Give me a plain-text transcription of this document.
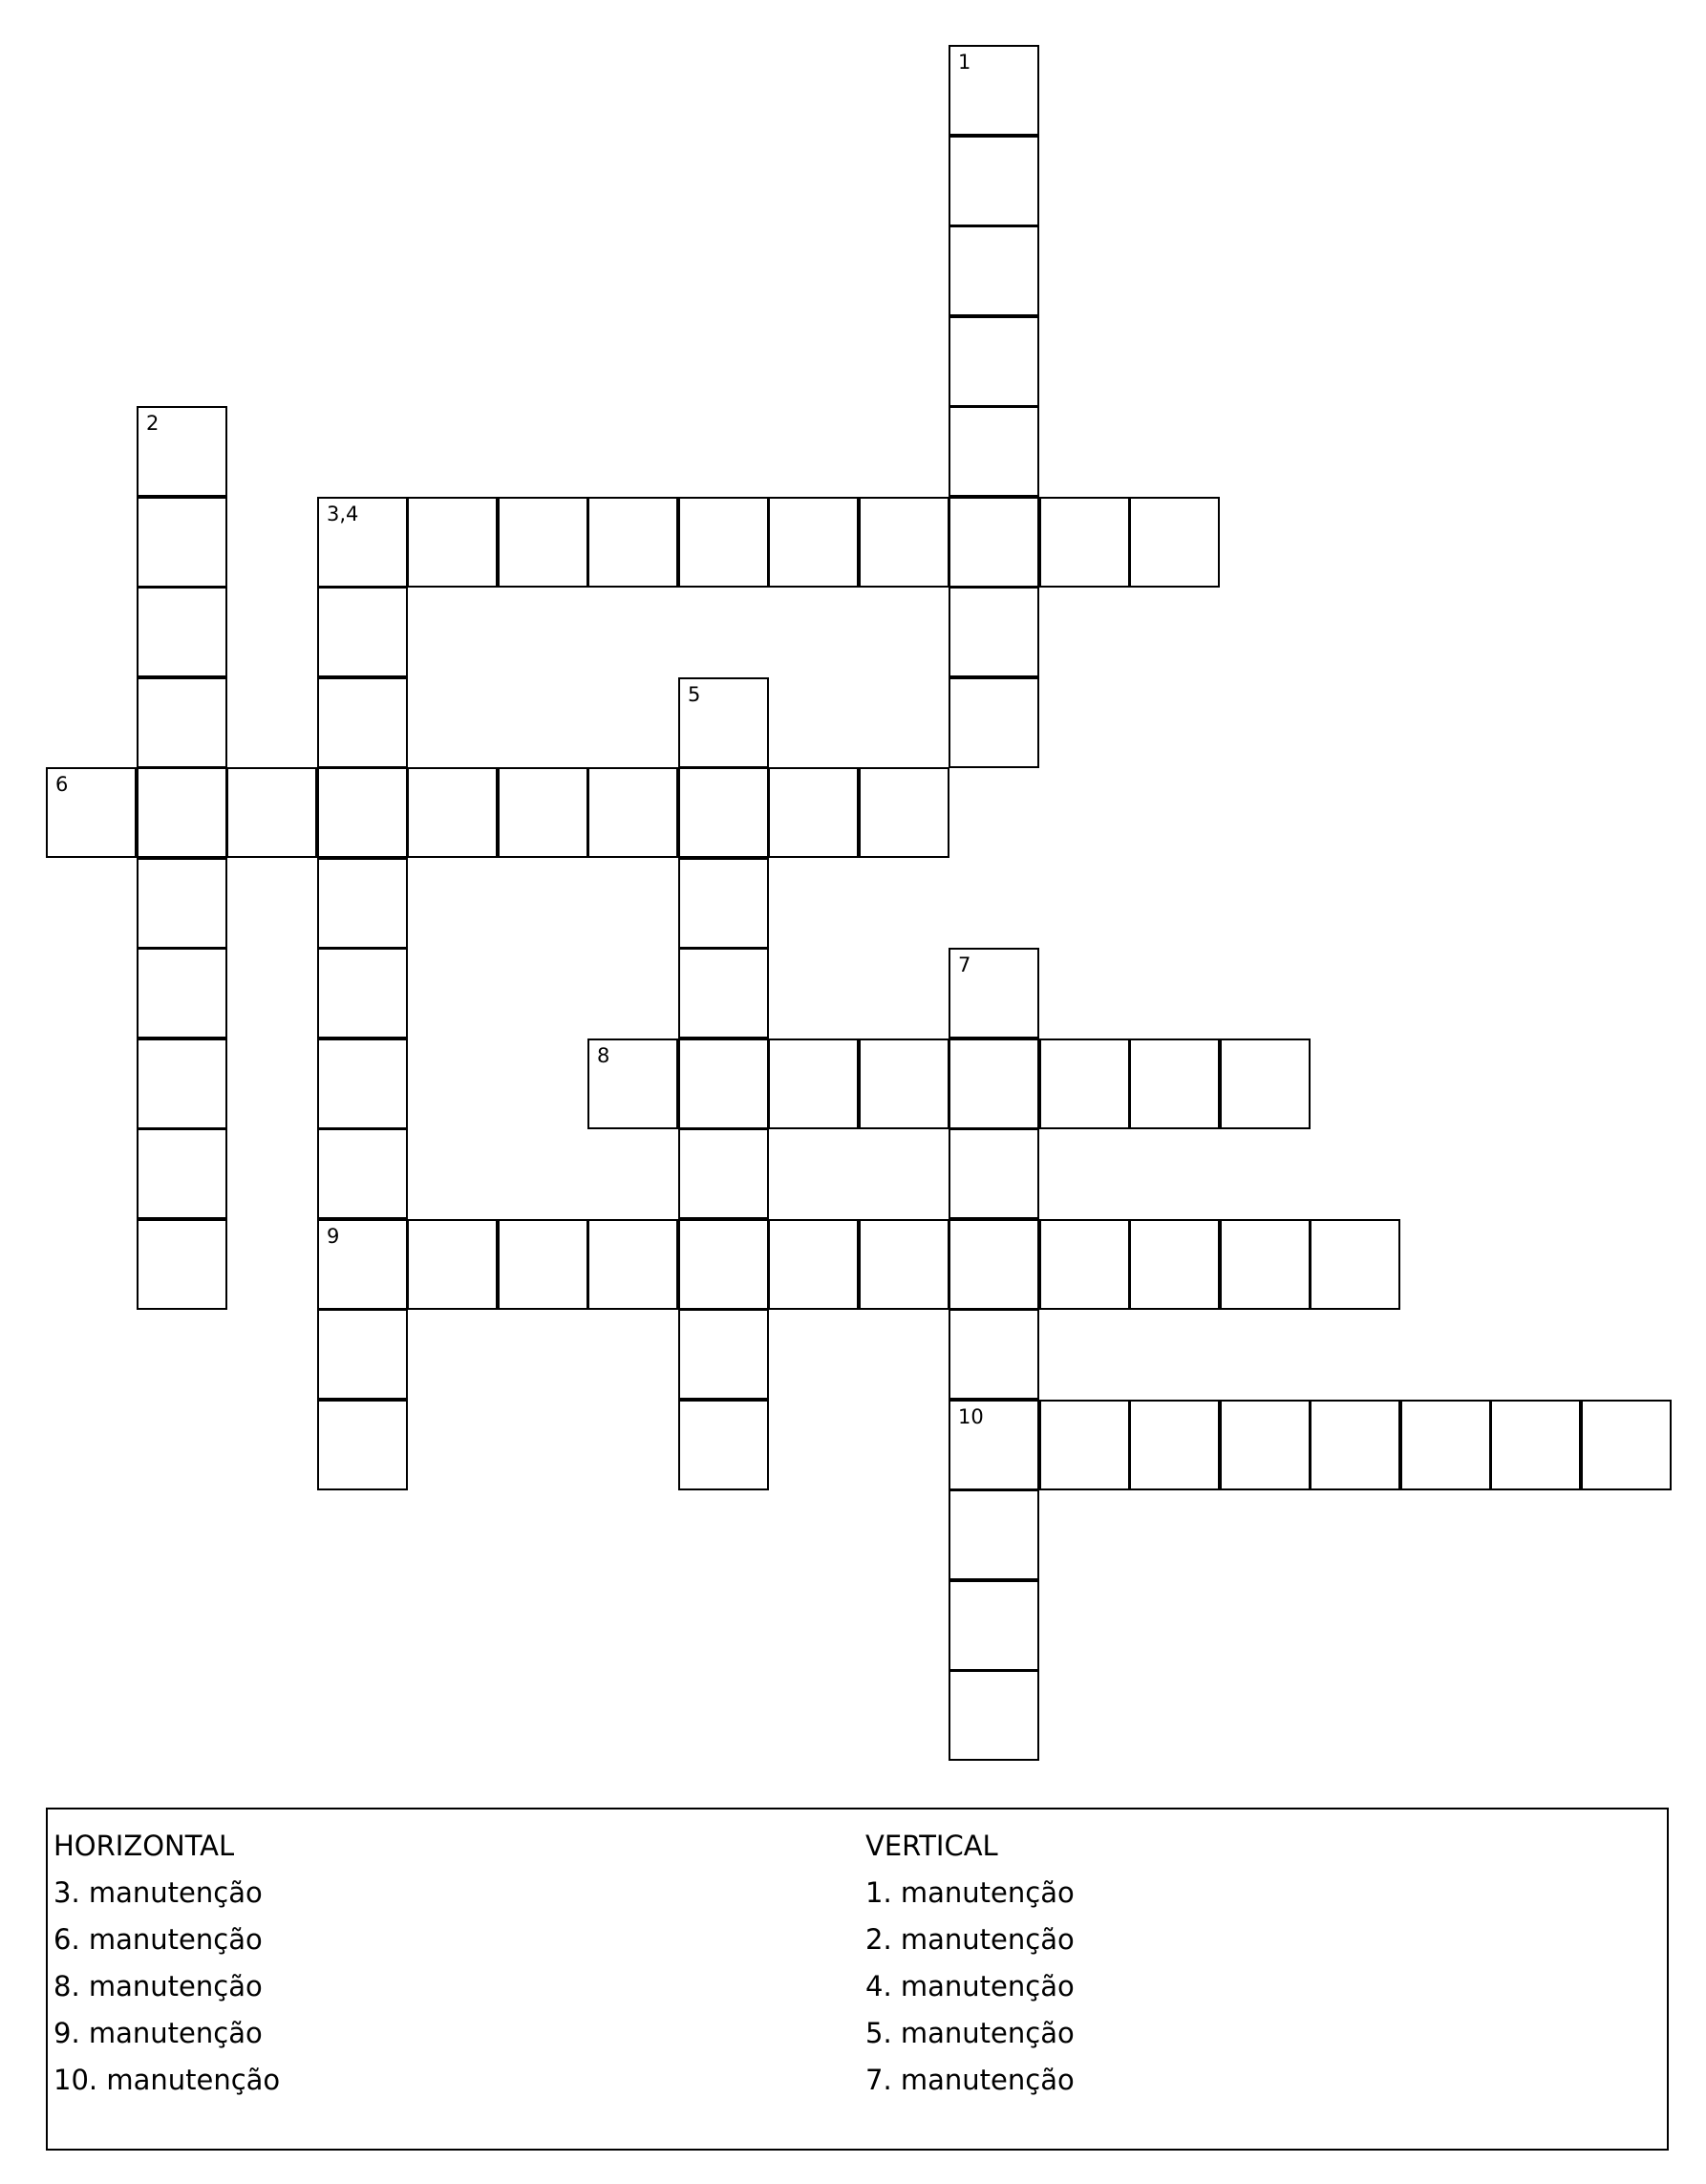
1
2
3,4
5
6
7
8
9
10
HORIZONTAL
3. manutenção
6. manutenção
8. manutenção
9. manutenção
10. manutenção
VERTICAL
1. manutenção
2. manutenção
4. manutenção
5. manutenção
7. manutenção
